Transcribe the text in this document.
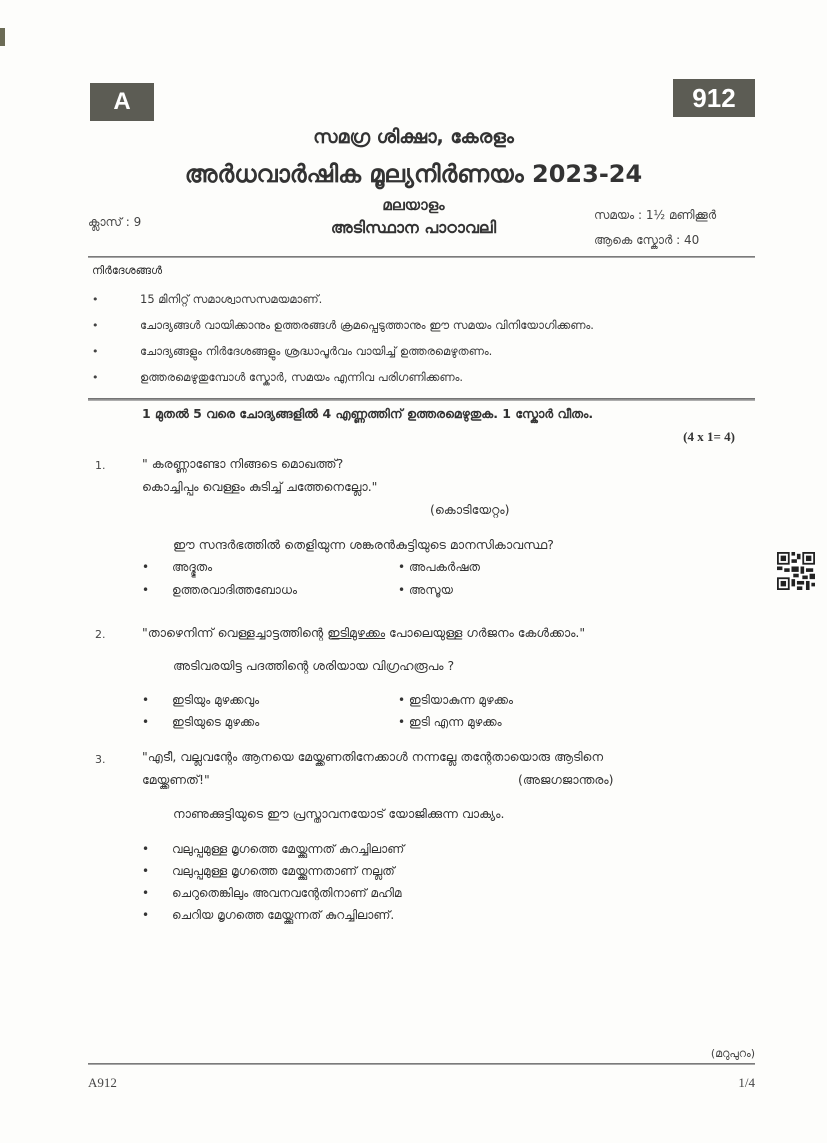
A	912
സമഗ്ര ശിക്ഷാ, കേരളം
അർധവാർഷിക മൂല്യനിർണയം 2023-24
മലയാളം
അടിസ്ഥാന പാഠാവലി
ക്ലാസ് : 9	സമയം : 1½ മണിക്കൂർ
ആകെ സ്കോർ : 40
നിർദേശങ്ങൾ
•	15 മിനിറ്റ് സമാശ്വാസസമയമാണ്.
•	ചോദ്യങ്ങൾ വായിക്കാനും ഉത്തരങ്ങൾ ക്രമപ്പെടുത്താനും ഈ സമയം വിനിയോഗിക്കണം.
•	ചോദ്യങ്ങളും നിർദേശങ്ങളും ശ്രദ്ധാപൂർവം വായിച്ച് ഉത്തരമെഴുതണം.
•	ഉത്തരമെഴുതുമ്പോൾ സ്കോർ, സമയം എന്നിവ പരിഗണിക്കണം.
1 മുതൽ 5 വരെ ചോദ്യങ്ങളിൽ 4 എണ്ണത്തിന് ഉത്തരമെഴുതുക. 1 സ്കോർ വീതം.
(4 x 1= 4)
1.	" കരണ്ണാണ്ടോ നിങ്ങടെ മൊഖത്ത്?
കൊച്ചിപ്പം വെള്ളം കുടിച്ച് ചത്തേനെല്ലോ."
(കൊടിയേറ്റം)
ഈ സന്ദർഭത്തിൽ തെളിയുന്ന ശങ്കരൻകുട്ടിയുടെ മാനസികാവസ്ഥ?
• അദ്ഭുതം	• അപകർഷത
• ഉത്തരവാദിത്തബോധം	• അസൂയ
2.	"താഴെനിന്ന് വെള്ളച്ചാട്ടത്തിന്റെ ഇടിമുഴക്കം പോലെയുള്ള ഗർജനം കേൾക്കാം."
അടിവരയിട്ട പദത്തിന്റെ ശരിയായ വിഗ്രഹരൂപം ?
• ഇടിയും മുഴക്കവും	• ഇടിയാകുന്ന മുഴക്കം
• ഇടിയുടെ മുഴക്കം	• ഇടി എന്ന മുഴക്കം
3.	"എടീ, വല്ലവന്റേം ആനയെ മേയ്ക്കണതിനേക്കാൾ നന്നല്ലേ തന്റേതായൊരു ആടിനെ
മേയ്ക്കണത്!"	(അജഗജാന്തരം)
നാണുക്കുട്ടിയുടെ ഈ പ്രസ്താവനയോട് യോജിക്കുന്ന വാക്യം.
• വലുപ്പമുള്ള മൃഗത്തെ മേയ്ക്കുന്നത് കുറച്ചിലാണ്
• വലുപ്പമുള്ള മൃഗത്തെ മേയ്ക്കുന്നതാണ് നല്ലത്
• ചെറുതെങ്കിലും അവനവന്റേതിനാണ് മഹിമ
• ചെറിയ മൃഗത്തെ മേയ്ക്കുന്നത് കുറച്ചിലാണ്.
(മറുപുറം)
A912	1/4
